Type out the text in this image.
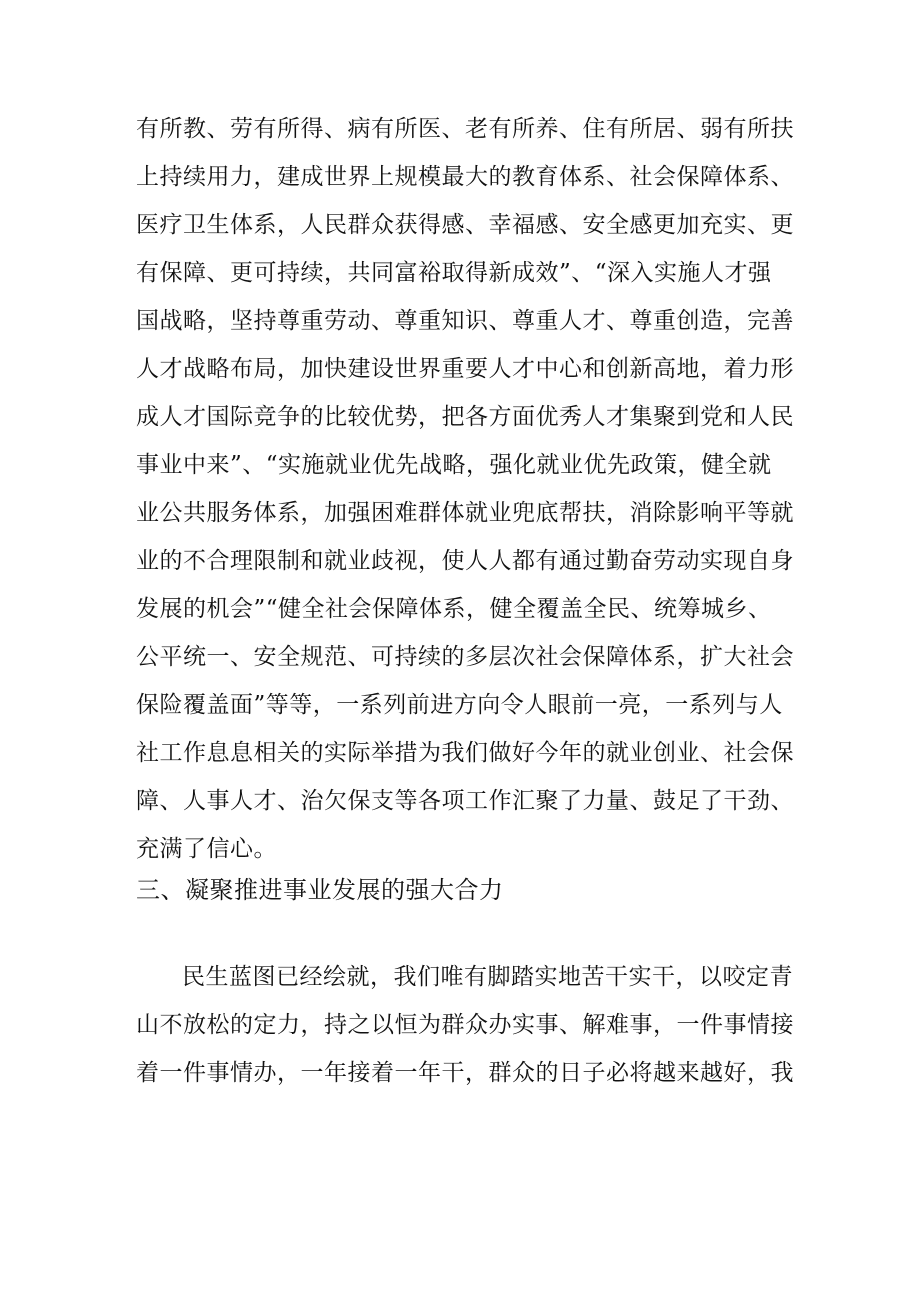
有所教、劳有所得、病有所医、老有所养、住有所居、弱有所扶
上持续用力，建成世界上规模最大的教育体系、社会保障体系、
医疗卫生体系，人民群众获得感、幸福感、安全感更加充实、更
有保障、更可持续，共同富裕取得新成效”、“深入实施人才强
国战略，坚持尊重劳动、尊重知识、尊重人才、尊重创造，完善
人才战略布局，加快建设世界重要人才中心和创新高地，着力形
成人才国际竞争的比较优势，把各方面优秀人才集聚到党和人民
事业中来”、“实施就业优先战略，强化就业优先政策，健全就
业公共服务体系，加强困难群体就业兜底帮扶，消除影响平等就
业的不合理限制和就业歧视，使人人都有通过勤奋劳动实现自身
发展的机会”“健全社会保障体系，健全覆盖全民、统筹城乡、
公平统一、安全规范、可持续的多层次社会保障体系，扩大社会
保险覆盖面”等等，一系列前进方向令人眼前一亮，一系列与人
社工作息息相关的实际举措为我们做好今年的就业创业、社会保
障、人事人才、治欠保支等各项工作汇聚了力量、鼓足了干劲、
充满了信心。
三、凝聚推进事业发展的强大合力
民生蓝图已经绘就，我们唯有脚踏实地苦干实干，以咬定青
山不放松的定力，持之以恒为群众办实事、解难事，一件事情接
着一件事情办，一年接着一年干，群众的日子必将越来越好，我
